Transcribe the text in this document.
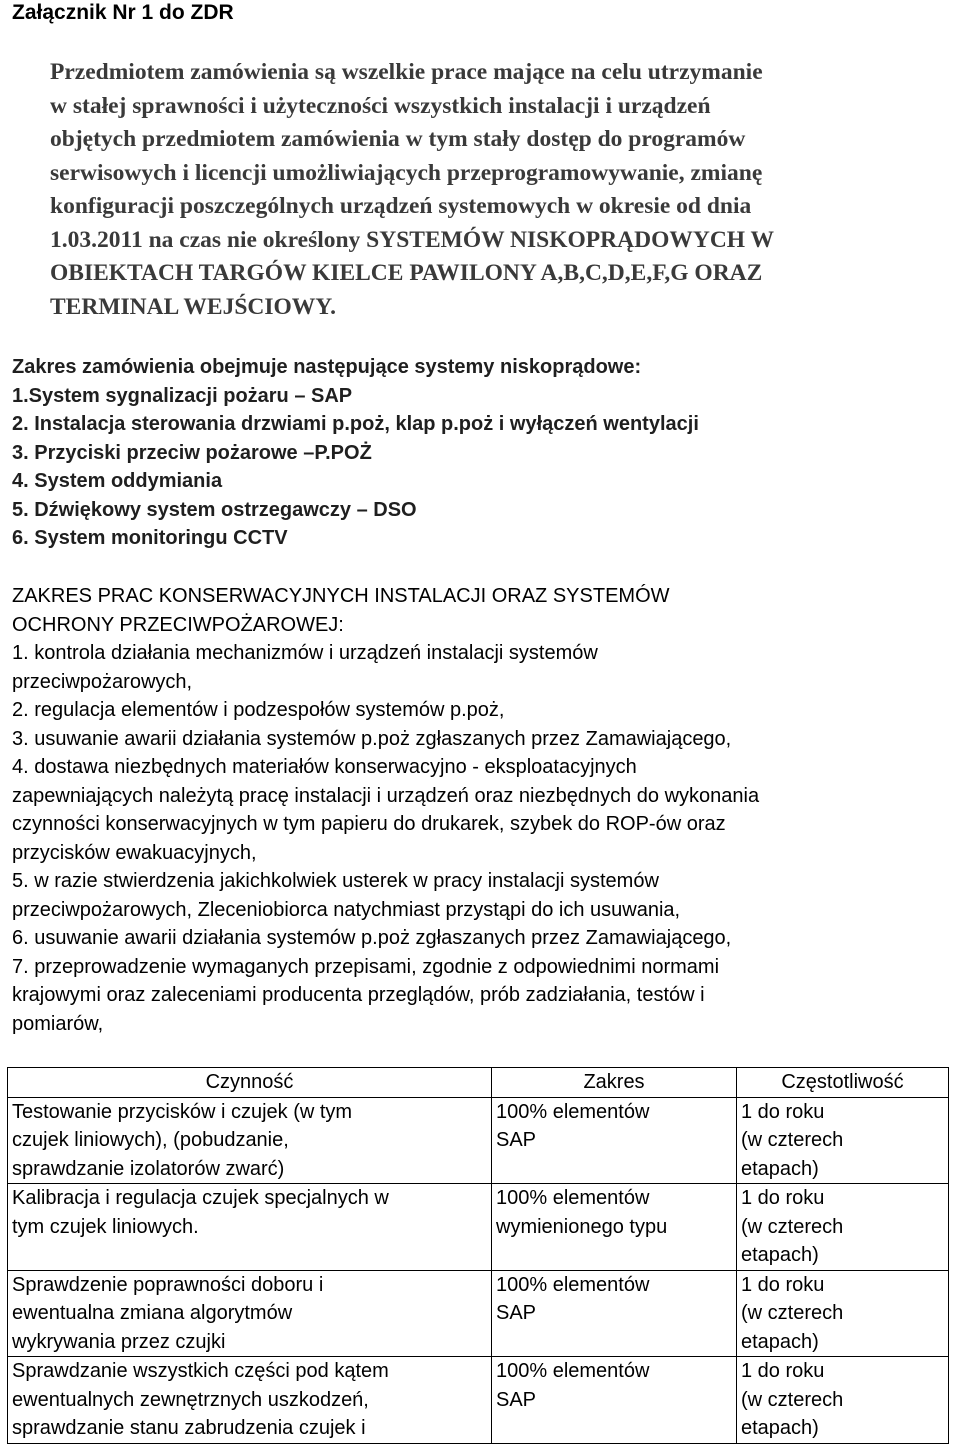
Załącznik Nr 1 do ZDR
Przedmiotem zamówienia są wszelkie prace mające na celu utrzymanie
w stałej sprawności i użyteczności wszystkich instalacji i urządzeń
objętych przedmiotem zamówienia w tym stały dostęp do programów
serwisowych i licencji umożliwiających przeprogramowywanie, zmianę
konfiguracji poszczególnych urządzeń systemowych w okresie od dnia
1.03.2011 na czas nie określony SYSTEMÓW NISKOPRĄDOWYCH W
OBIEKTACH TARGÓW KIELCE PAWILONY A,B,C,D,E,F,G ORAZ
TERMINAL WEJŚCIOWY.
Zakres zamówienia obejmuje następujące systemy niskoprądowe:
1.System sygnalizacji pożaru – SAP
2. Instalacja sterowania drzwiami p.poż, klap p.poż i wyłączeń wentylacji
3. Przyciski przeciw pożarowe –P.POŻ
4. System oddymiania
5. Dźwiękowy system ostrzegawczy – DSO
6. System monitoringu CCTV
ZAKRES PRAC KONSERWACYJNYCH INSTALACJI ORAZ SYSTEMÓW
OCHRONY PRZECIWPOŻAROWEJ:
1. kontrola działania mechanizmów i urządzeń instalacji systemów
przeciwpożarowych,
2. regulacja elementów i podzespołów systemów p.poż,
3. usuwanie awarii działania systemów p.poż zgłaszanych przez Zamawiającego,
4. dostawa niezbędnych materiałów konserwacyjno - eksploatacyjnych
zapewniających należytą pracę instalacji i urządzeń oraz niezbędnych do wykonania
czynności konserwacyjnych w tym papieru do drukarek, szybek do ROP-ów oraz
przycisków ewakuacyjnych,
5. w razie stwierdzenia jakichkolwiek usterek w pracy instalacji systemów
przeciwpożarowych, Zleceniobiorca natychmiast przystąpi do ich usuwania,
6. usuwanie awarii działania systemów p.poż zgłaszanych przez Zamawiającego,
7. przeprowadzenie wymaganych przepisami, zgodnie z odpowiednimi normami
krajowymi oraz zaleceniami producenta przeglądów, prób zadziałania, testów i
pomiarów,
Czynność	Zakres	Częstotliwość
Testowanie przycisków i czujek (w tym
czujek liniowych), (pobudzanie,
sprawdzanie izolatorów zwarć)	100% elementów
SAP	1 do roku
(w czterech
etapach)
Kalibracja i regulacja czujek specjalnych w
tym czujek liniowych.	100% elementów
wymienionego typu	1 do roku
(w czterech
etapach)
Sprawdzenie poprawności doboru i
ewentualna zmiana algorytmów
wykrywania przez czujki	100% elementów
SAP	1 do roku
(w czterech
etapach)
Sprawdzanie wszystkich części pod kątem
ewentualnych zewnętrznych uszkodzeń,
sprawdzanie stanu zabrudzenia czujek i	100% elementów
SAP	1 do roku
(w czterech
etapach)
